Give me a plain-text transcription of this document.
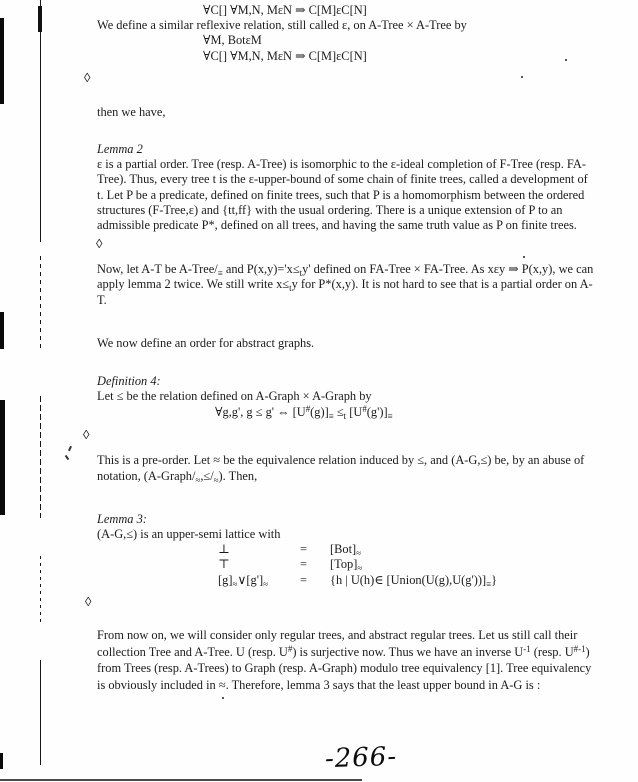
∀C[] ∀M,N, MεN ⇒ C[M]εC[N]
We define a similar reflexive relation, still called ε, on A-Tree × A-Tree by
∀M, BotεM
∀C[] ∀M,N, MεN ⇒ C[M]εC[N]
◊
then we have,
Lemma 2
ε is a partial order. Tree (resp. A-Tree) is isomorphic to the ε-ideal completion of F-Tree (resp. FA-Tree). Thus, every tree t is the ε-upper-bound of some chain of finite trees, called a development of t. Let P be a predicate, defined on finite trees, such that P is a homomorphism between the ordered structures (F-Tree,ε) and {tt,ff} with the usual ordering. There is a unique extension of P to an admissible predicate P*, defined on all trees, and having the same truth value as P on finite trees.
◊
Now, let A-T be $A-Tree/_\equiv$ and $P(x,y)='x\le_ty'$ defined on FA-Tree × FA-Tree. As xεy ⇒ P(x,y), we can apply lemma 2 twice. We still write $x\le_ty$ for P*(x,y). It is not hard to see that is a partial order on A-T.
We now define an order for abstract graphs.
Definition 4:
Let ≤ be the relation defined on A-Graph × A-Graph by
∀g,g', g ≤ g' ⇔ $[U^{\#}(g)]_\equiv \le_t$ $[U^{\#}(g')]_\equiv$
◊
This is a pre-order. Let ≈ be the equivalence relation induced by ≤, and (A-G,≤) be, by an abuse of notation, $(A-Graph/_\approx,\le/_\approx)$. Then,
Lemma 3:
(A-G,≤) is an upper-semi lattice with
⊥	=	$[Bot]_\approx$
⊤	=	$[Top]_\approx$
$[g]_\approx\vee[g']_\approx$	=	{h | U(h)∈ $[Union(U(g),U(g'))]_\equiv$}
◊
From now on, we will consider only regular trees, and abstract regular trees. Let us still call their collection Tree and A-Tree. U (resp. U#) is surjective now. Thus we have an inverse $U^{-1}$ (resp. $U^{\#-1}$) from Trees (resp. A-Trees) to Graph (resp. A-Graph) modulo tree equivalency [1]. Tree equivalency is obviously included in ≈. Therefore, lemma 3 says that the least upper bound in A-G is :
-266-
